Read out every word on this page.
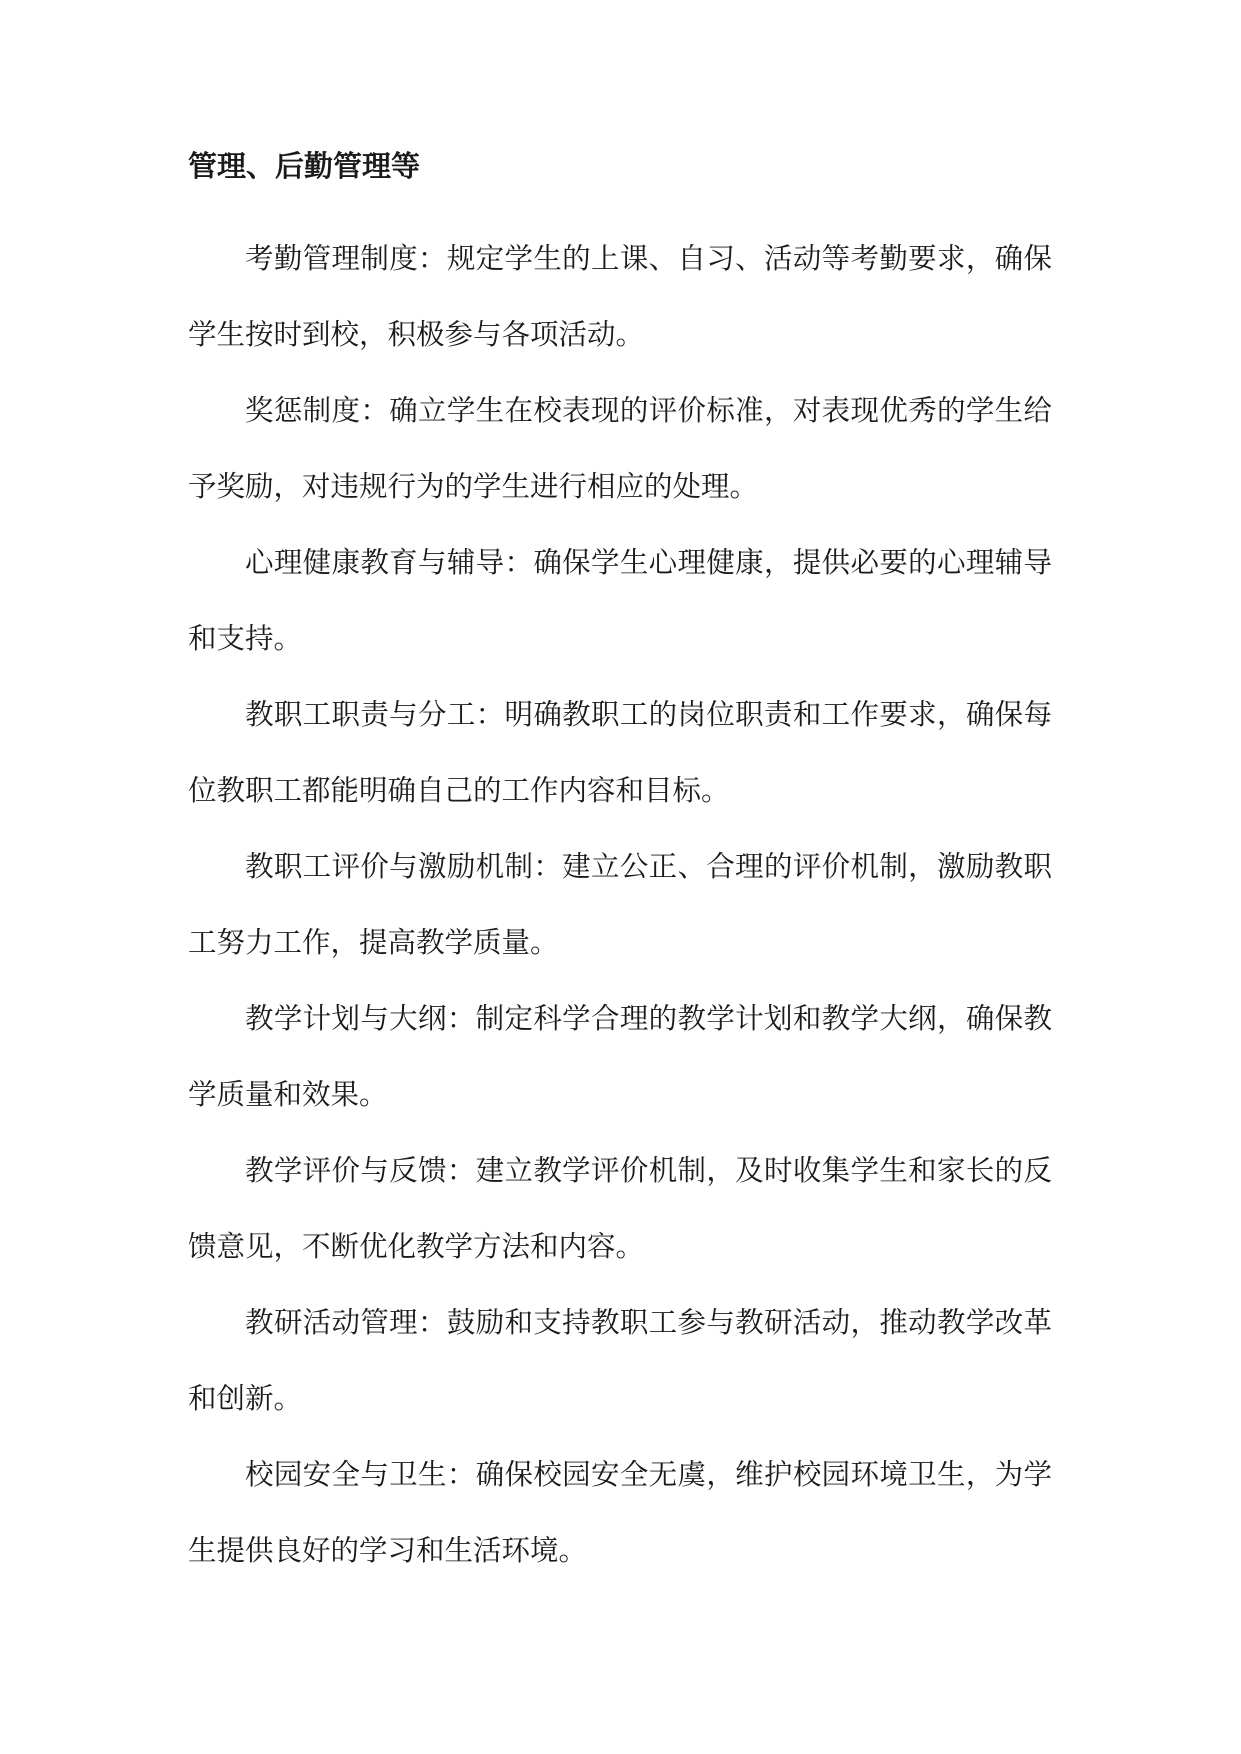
管理、后勤管理等

考勤管理制度：规定学生的上课、自习、活动等考勤要求，确保学生按时到校，积极参与各项活动。

奖惩制度：确立学生在校表现的评价标准，对表现优秀的学生给予奖励，对违规行为的学生进行相应的处理。

心理健康教育与辅导：确保学生心理健康，提供必要的心理辅导和支持。

教职工职责与分工：明确教职工的岗位职责和工作要求，确保每位教职工都能明确自己的工作内容和目标。

教职工评价与激励机制：建立公正、合理的评价机制，激励教职工努力工作，提高教学质量。

教学计划与大纲：制定科学合理的教学计划和教学大纲，确保教学质量和效果。

教学评价与反馈：建立教学评价机制，及时收集学生和家长的反馈意见，不断优化教学方法和内容。

教研活动管理：鼓励和支持教职工参与教研活动，推动教学改革和创新。

校园安全与卫生：确保校园安全无虞，维护校园环境卫生，为学生提供良好的学习和生活环境。
